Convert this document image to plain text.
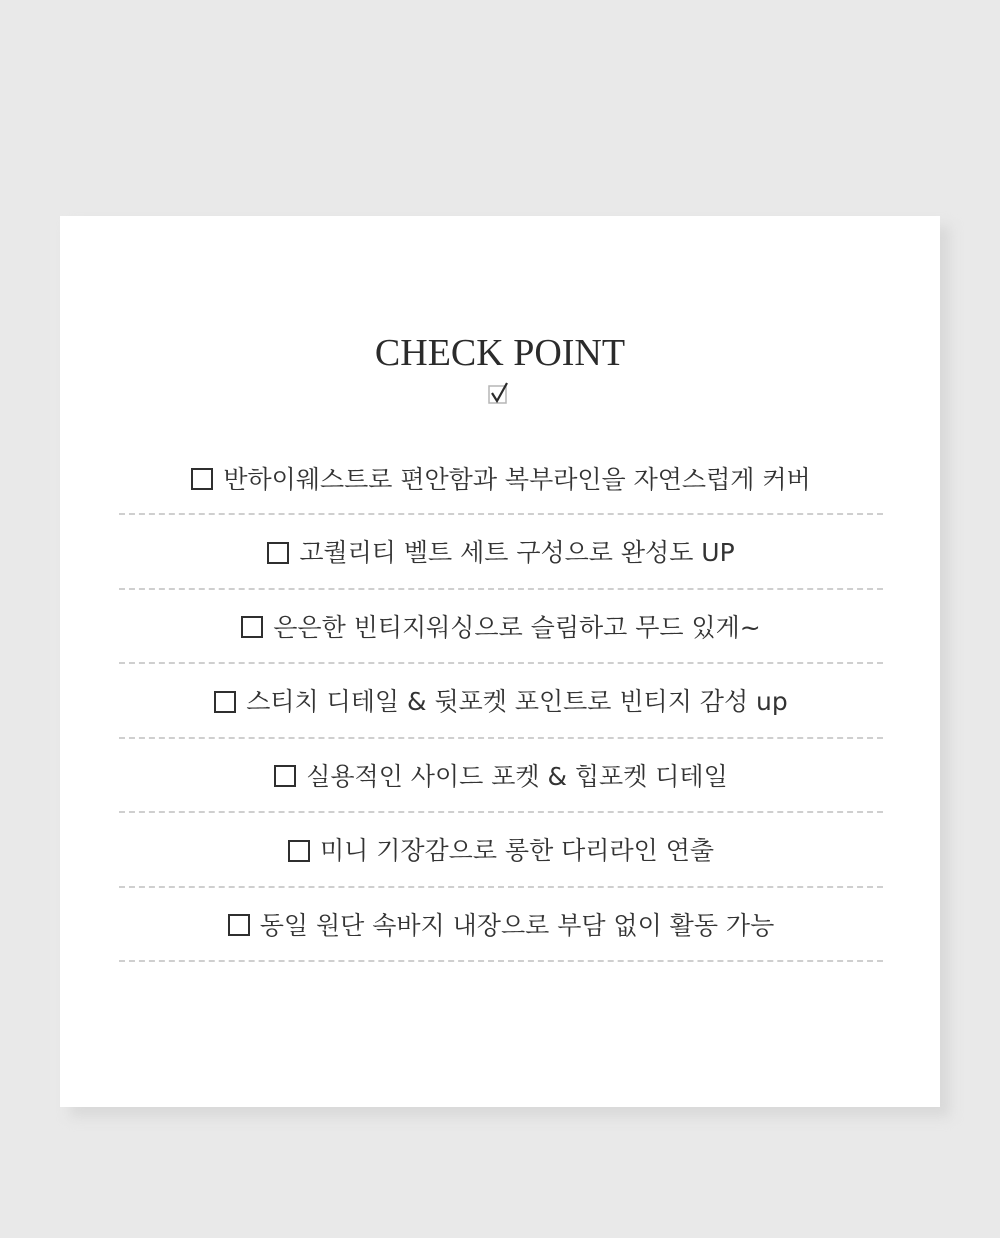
CHECK POINT
반하이웨스트로 편안함과 복부라인을 자연스럽게 커버
고퀄리티 벨트 세트 구성으로 완성도 UP
은은한 빈티지워싱으로 슬림하고 무드 있게~
스티치 디테일 & 뒷포켓 포인트로 빈티지 감성 up
실용적인 사이드 포켓 & 힙포켓 디테일
미니 기장감으로 롱한 다리라인 연출
동일 원단 속바지 내장으로 부담 없이 활동 가능
